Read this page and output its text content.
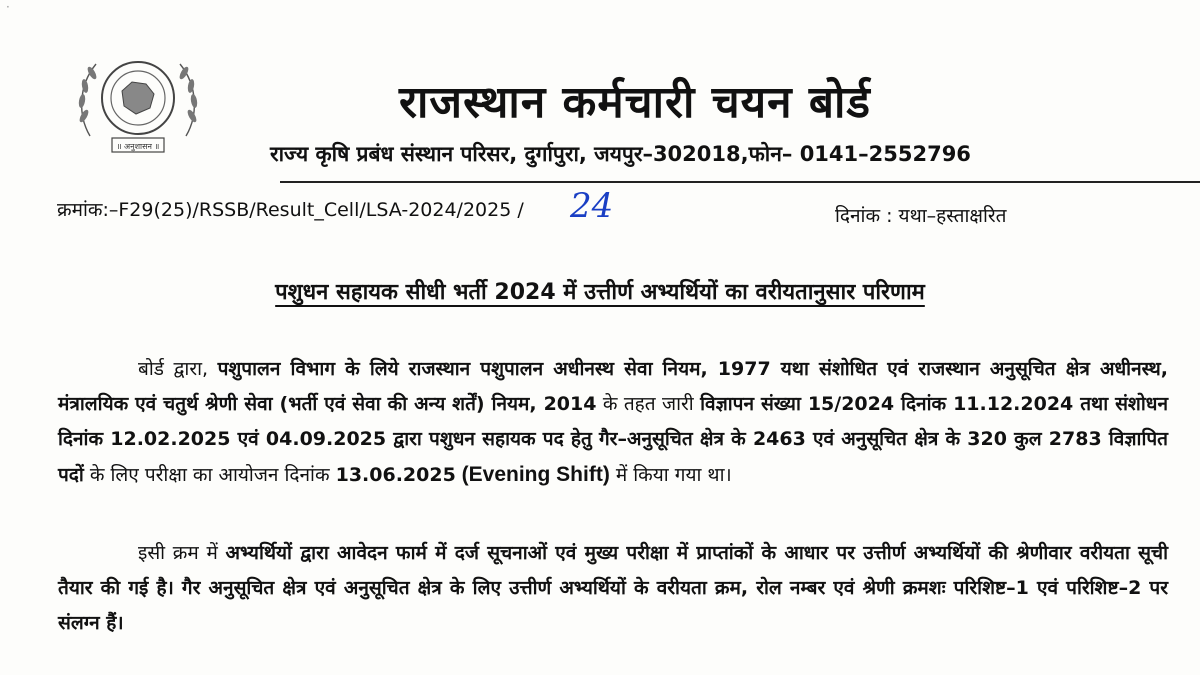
॥ अनुशासन ॥
·
राजस्थान कर्मचारी चयन बोर्ड
राज्य कृषि प्रबंध संस्थान परिसर, दुर्गापुरा, जयपुर–302018,फोन– 0141–2552796
क्रमांक:–F29(25)/RSSB/Result_Cell/LSA-2024/2025 / 24	दिनांक : यथा–हस्ताक्षरित
पशुधन सहायक सीधी भर्ती 2024 में उत्तीर्ण अभ्यर्थियों का वरीयतानुसार परिणाम
बोर्ड द्वारा, पशुपालन विभाग के लिये राजस्थान पशुपालन अधीनस्थ सेवा नियम, 1977 यथा संशोधित एवं राजस्थान अनुसूचित क्षेत्र अधीनस्थ, मंत्रालयिक एवं चतुर्थ श्रेणी सेवा (भर्ती एवं सेवा की अन्य शर्तें) नियम, 2014 के तहत जारी विज्ञापन संख्या 15/2024 दिनांक 11.12.2024 तथा संशोधन दिनांक 12.02.2025 एवं 04.09.2025 द्वारा पशुधन सहायक पद हेतु गैर–अनुसूचित क्षेत्र के 2463 एवं अनुसूचित क्षेत्र के 320 कुल 2783 विज्ञापित पदों के लिए परीक्षा का आयोजन दिनांक 13.06.2025 (Evening Shift) में किया गया था।
इसी क्रम में अभ्यर्थियों द्वारा आवेदन फार्म में दर्ज सूचनाओं एवं मुख्य परीक्षा में प्राप्तांकों के आधार पर उत्तीर्ण अभ्यर्थियों की श्रेणीवार वरीयता सूची तैयार की गई है। गैर अनुसूचित क्षेत्र एवं अनुसूचित क्षेत्र के लिए उत्तीर्ण अभ्यर्थियों के वरीयता क्रम, रोल नम्बर एवं श्रेणी क्रमशः परिशिष्ट–1 एवं परिशिष्ट–2 पर संलग्न हैं।
